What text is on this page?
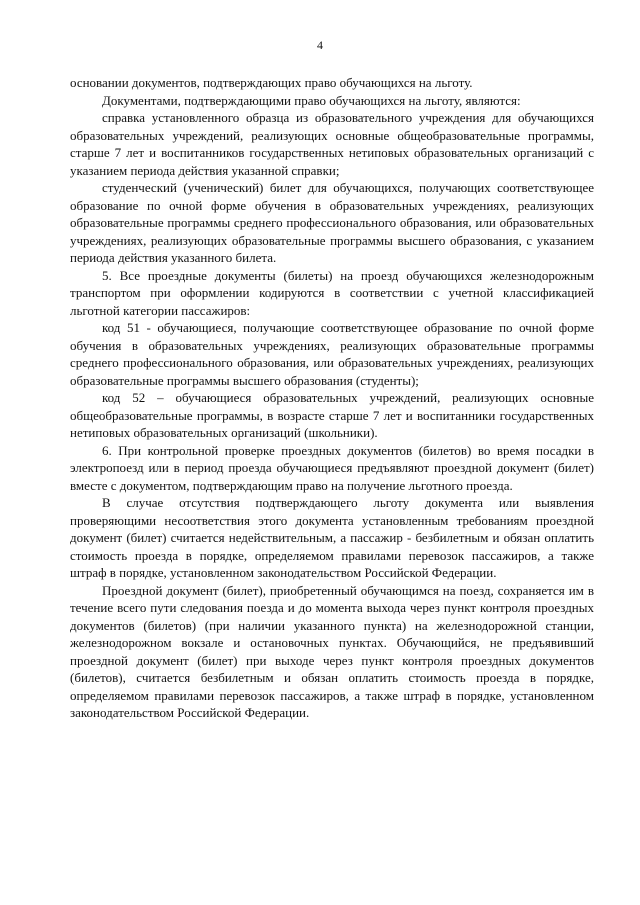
4

основании документов, подтверждающих право обучающихся на льготу.

Документами, подтверждающими право обучающихся на льготу, являются:

справка установленного образца из образовательного учреждения для обучающихся образовательных учреждений, реализующих основные общеобразовательные программы, старше 7 лет и воспитанников государственных нетиповых образовательных организаций с указанием периода действия указанной справки;

студенческий (ученический) билет для обучающихся, получающих соответствующее образование по очной форме обучения в образовательных учреждениях, реализующих образовательные программы среднего профессионального образования, или образовательных учреждениях, реализующих образовательные программы высшего образования, с указанием периода действия указанного билета.

5. Все проездные документы (билеты) на проезд обучающихся железнодорожным транспортом при оформлении кодируются в соответствии с учетной классификацией льготной категории пассажиров:

код 51 - обучающиеся, получающие соответствующее образование по очной форме обучения в образовательных учреждениях, реализующих образовательные программы среднего профессионального образования, или образовательных учреждениях, реализующих образовательные программы высшего образования (студенты);

код 52 – обучающиеся образовательных учреждений, реализующих основные общеобразовательные программы, в возрасте старше 7 лет и воспитанники государственных нетиповых образовательных организаций (школьники).

6. При контрольной проверке проездных документов (билетов) во время посадки в электропоезд или в период проезда обучающиеся предъявляют проездной документ (билет) вместе с документом, подтверждающим право на получение льготного проезда.

В случае отсутствия подтверждающего льготу документа или выявления проверяющими несоответствия этого документа установленным требованиям проездной документ (билет) считается недействительным, а пассажир - безбилетным и обязан оплатить стоимость проезда в порядке, определяемом правилами перевозок пассажиров, а также штраф в порядке, установленном законодательством Российской Федерации.

Проездной документ (билет), приобретенный обучающимся на поезд, сохраняется им в течение всего пути следования поезда и до момента выхода через пункт контроля проездных документов (билетов) (при наличии указанного пункта) на железнодорожной станции, железнодорожном вокзале и остановочных пунктах. Обучающийся, не предъявивший проездной документ (билет) при выходе через пункт контроля проездных документов (билетов), считается безбилетным и обязан оплатить стоимость проезда в порядке, определяемом правилами перевозок пассажиров, а также штраф в порядке, установленном законодательством Российской Федерации.
